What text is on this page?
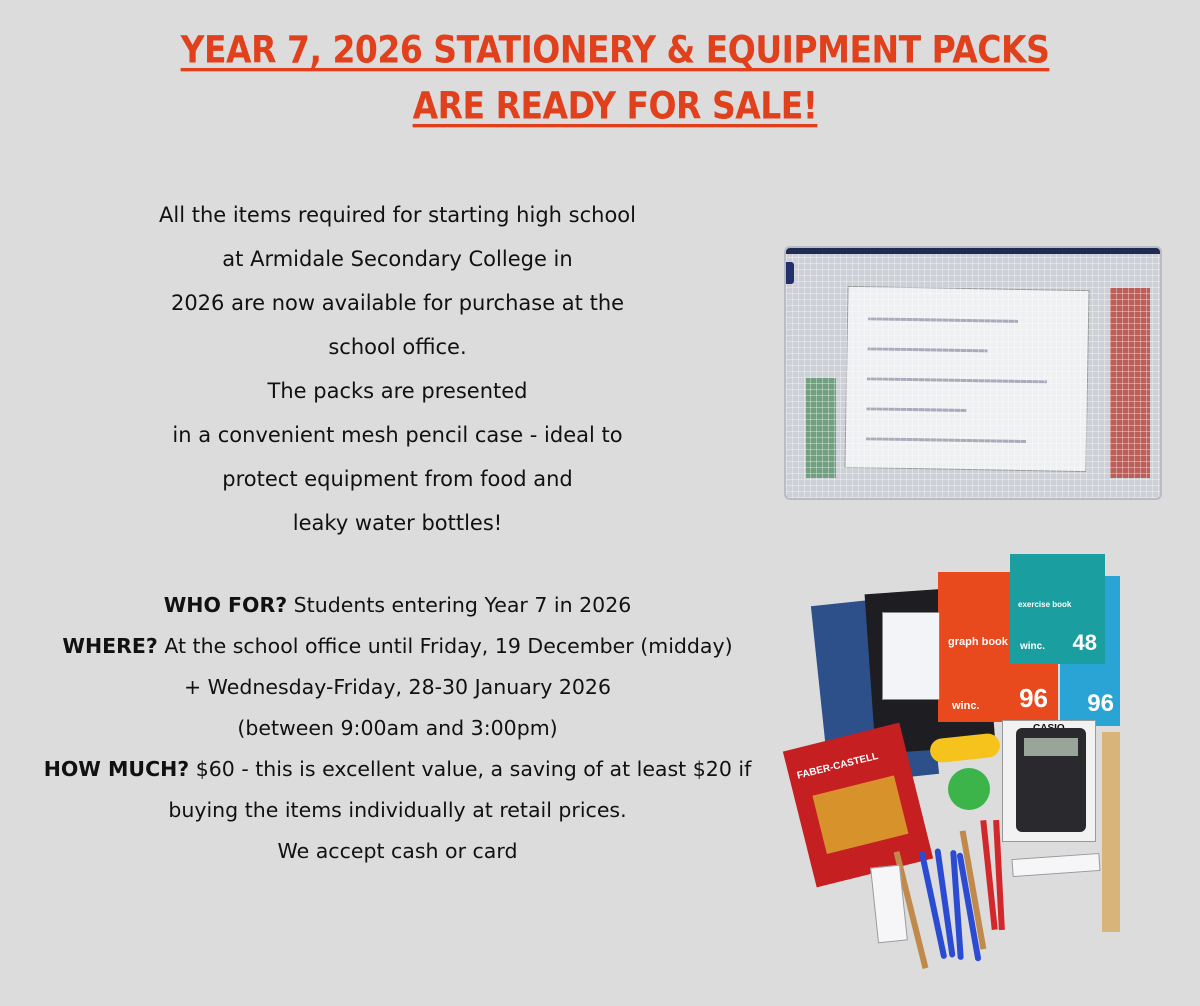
YEAR 7, 2026 STATIONERY & EQUIPMENT PACKS
ARE READY FOR SALE!
All the items required for starting high school
at Armidale Secondary College in
2026 are now available for purchase at the
school office.
The packs are presented
in a convenient mesh pencil case - ideal to
protect equipment from food and
leaky water bottles!
WHO FOR? Students entering Year 7 in 2026
WHERE? At the school office until Friday, 19 December (midday)
+ Wednesday-Friday, 28-30 January 2026
(between 9:00am and 3:00pm)
HOW MUCH? $60 - this is excellent value, a saving of at least $20 if
buying the items individually at retail prices.
We accept cash or card
96
graph book
winc. 96
exercise book
winc. 48
FABER-CASTELL
